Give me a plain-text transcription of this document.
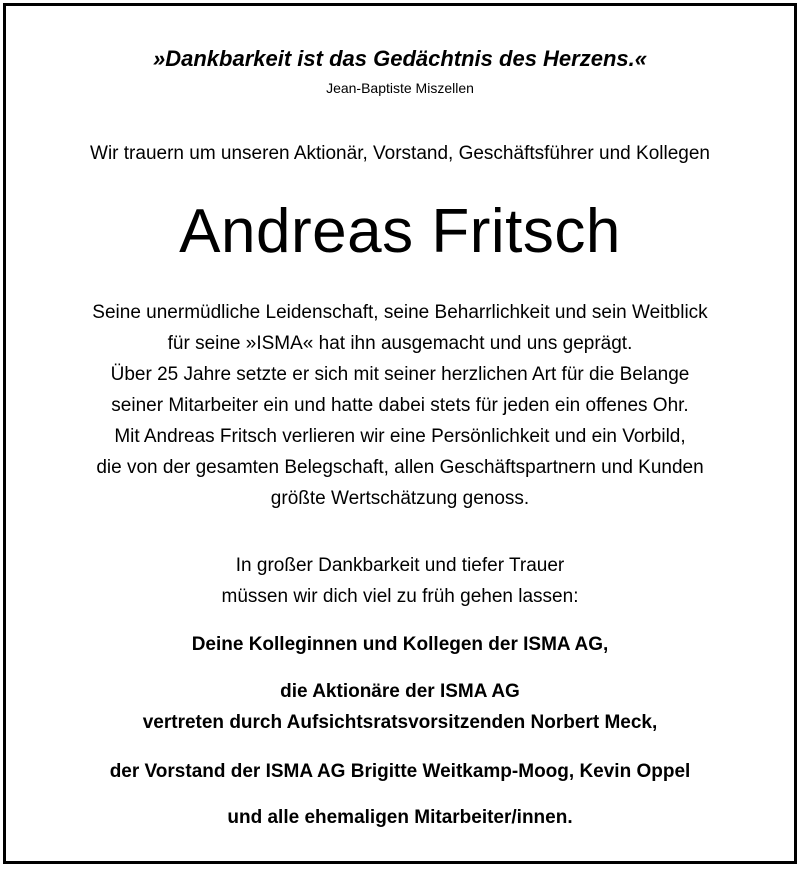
»Dankbarkeit ist das Gedächtnis des Herzens.«
Jean-Baptiste Miszellen
Wir trauern um unseren Aktionär, Vorstand, Geschäftsführer und Kollegen
Andreas Fritsch
Seine unermüdliche Leidenschaft, seine Beharrlichkeit und sein Weitblick
für seine »ISMA« hat ihn ausgemacht und uns geprägt.
Über 25 Jahre setzte er sich mit seiner herzlichen Art für die Belange
seiner Mitarbeiter ein und hatte dabei stets für jeden ein offenes Ohr.
Mit Andreas Fritsch verlieren wir eine Persönlichkeit und ein Vorbild,
die von der gesamten Belegschaft, allen Geschäftspartnern und Kunden
größte Wertschätzung genoss.
In großer Dankbarkeit und tiefer Trauer
müssen wir dich viel zu früh gehen lassen:
Deine Kolleginnen und Kollegen der ISMA AG,
die Aktionäre der ISMA AG
vertreten durch Aufsichtsratsvorsitzenden Norbert Meck,
der Vorstand der ISMA AG Brigitte Weitkamp-Moog, Kevin Oppel
und alle ehemaligen Mitarbeiter/innen.
